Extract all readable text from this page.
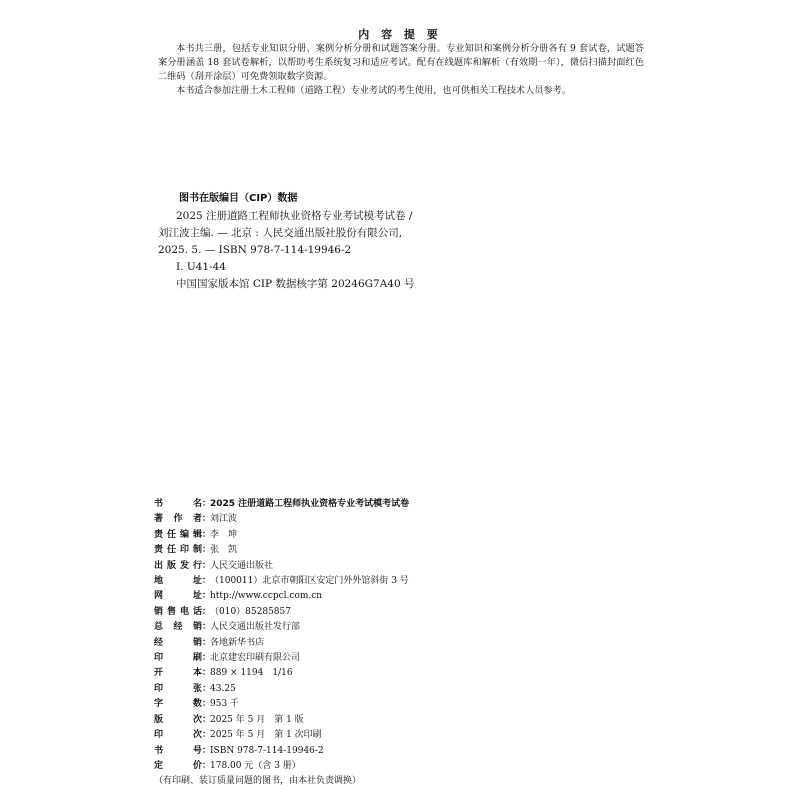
内 容 提 要

本书共三册，包括专业知识分册、案例分析分册和试题答案分册。专业知识和案例分析分册各有 9 套试卷，试题答案分册涵盖 18 套试卷解析，以帮助考生系统复习和适应考试。配有在线题库和解析（有效期一年），微信扫描封面红色二维码（刮开涂层）可免费领取数字资源。

本书适合参加注册土木工程师（道路工程）专业考试的考生使用，也可供相关工程技术人员参考。

图书在版编目（CIP）数据
2025 注册道路工程师执业资格专业考试模考试卷 /
刘江波主编. — 北京 : 人民交通出版社股份有限公司,
2025. 5. — ISBN 978-7-114-19946-2
Ⅰ. U41-44
中国国家版本馆 CIP 数据核字第 20246G7A40 号
书　　名 ：
2025 注册道路工程师执业资格专业考试模考试卷
著 作 者 ：
刘江波
责任编辑 ：
李　坤
责任印制 ：
张　凯
出版发行 ：
人民交通出版社
地　　址 ：
（100011）北京市朝阳区安定门外外馆斜街 3 号
网　　址 ：
http://www.ccpcl.com.cn
销售电话 ：
（010）85285857
总 经 销 ：
人民交通出版社发行部
经　　销 ：
各地新华书店
印　　刷 ：
北京建宏印刷有限公司
开　　本 ：
889 × 1194　1/16
印　　张 ：
43.25
字　　数 ：
953 千
版　　次 ：
2025 年 5 月　第 1 版
印　　次 ：
2025 年 5 月　第 1 次印刷
书　　号 ：
ISBN 978-7-114-19946-2
定　　价 ：
178.00 元（含 3 册）
（有印刷、装订质量问题的图书，由本社负责调换）
